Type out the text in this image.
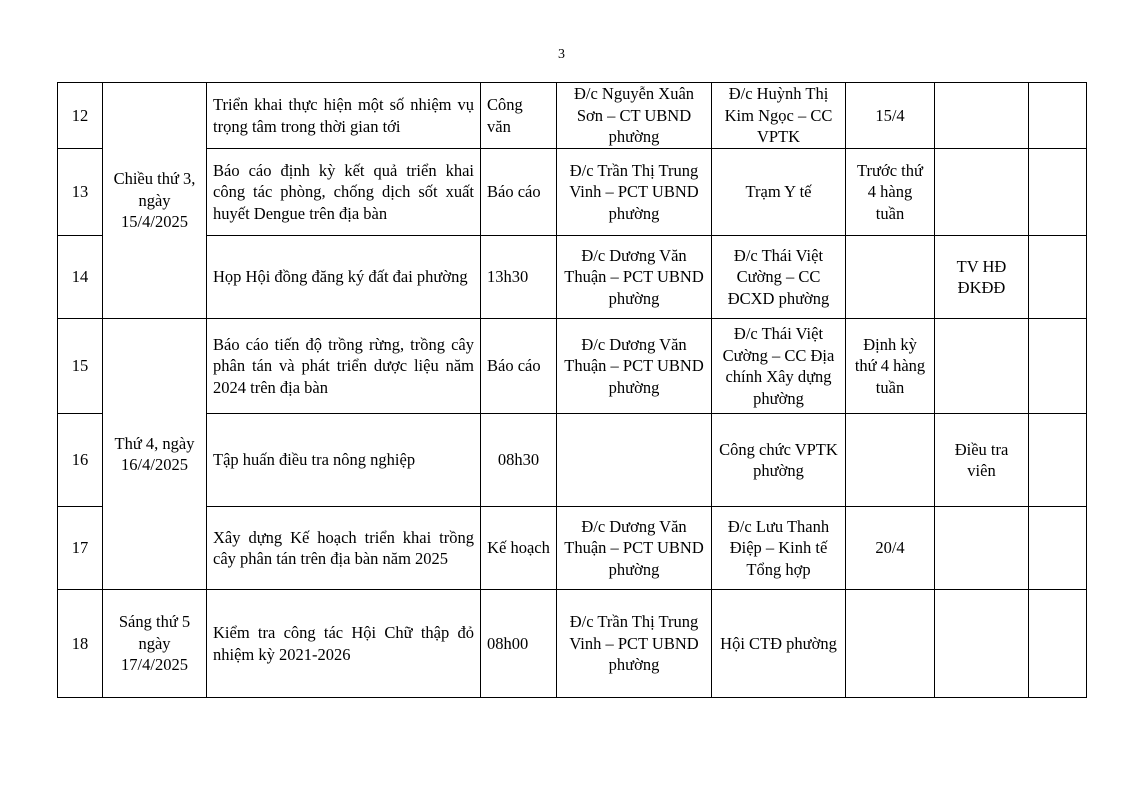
3
12	Chiều thứ 3, ngày 15/4/2025	Triển khai thực hiện một số nhiệm vụ trọng tâm trong thời gian tới	Công văn	Đ/c Nguyễn Xuân Sơn – CT UBND phường	Đ/c Huỳnh Thị Kim Ngọc – CC VPTK	15/4		
13		Báo cáo định kỳ kết quả triển khai công tác phòng, chống dịch sốt xuất huyết Dengue trên địa bàn	Báo cáo	Đ/c Trần Thị Trung Vinh – PCT UBND phường	Trạm Y tế	Trước thứ 4 hàng tuần		
14		Họp Hội đồng đăng ký đất đai phường	13h30	Đ/c Dương Văn Thuận – PCT UBND phường	Đ/c Thái Việt Cường – CC ĐCXD phường		TV HĐ ĐKĐĐ	
15	Thứ 4, ngày 16/4/2025	Báo cáo tiến độ trồng rừng, trồng cây phân tán và phát triển dược liệu năm 2024 trên địa bàn	Báo cáo	Đ/c Dương Văn Thuận – PCT UBND phường	Đ/c Thái Việt Cường – CC Địa chính Xây dựng phường	Định kỳ thứ 4 hàng tuần		
16		Tập huấn điều tra nông nghiệp	08h30		Công chức VPTK phường		Điều tra viên	
17		Xây dựng Kế hoạch triển khai trồng cây phân tán trên địa bàn năm 2025	Kế hoạch	Đ/c Dương Văn Thuận – PCT UBND phường	Đ/c Lưu Thanh Điệp – Kinh tế Tổng hợp	20/4		
18	Sáng thứ 5 ngày 17/4/2025	Kiểm tra công tác Hội Chữ thập đỏ nhiệm kỳ 2021-2026	08h00	Đ/c Trần Thị Trung Vinh – PCT UBND phường	Hội CTĐ phường			
